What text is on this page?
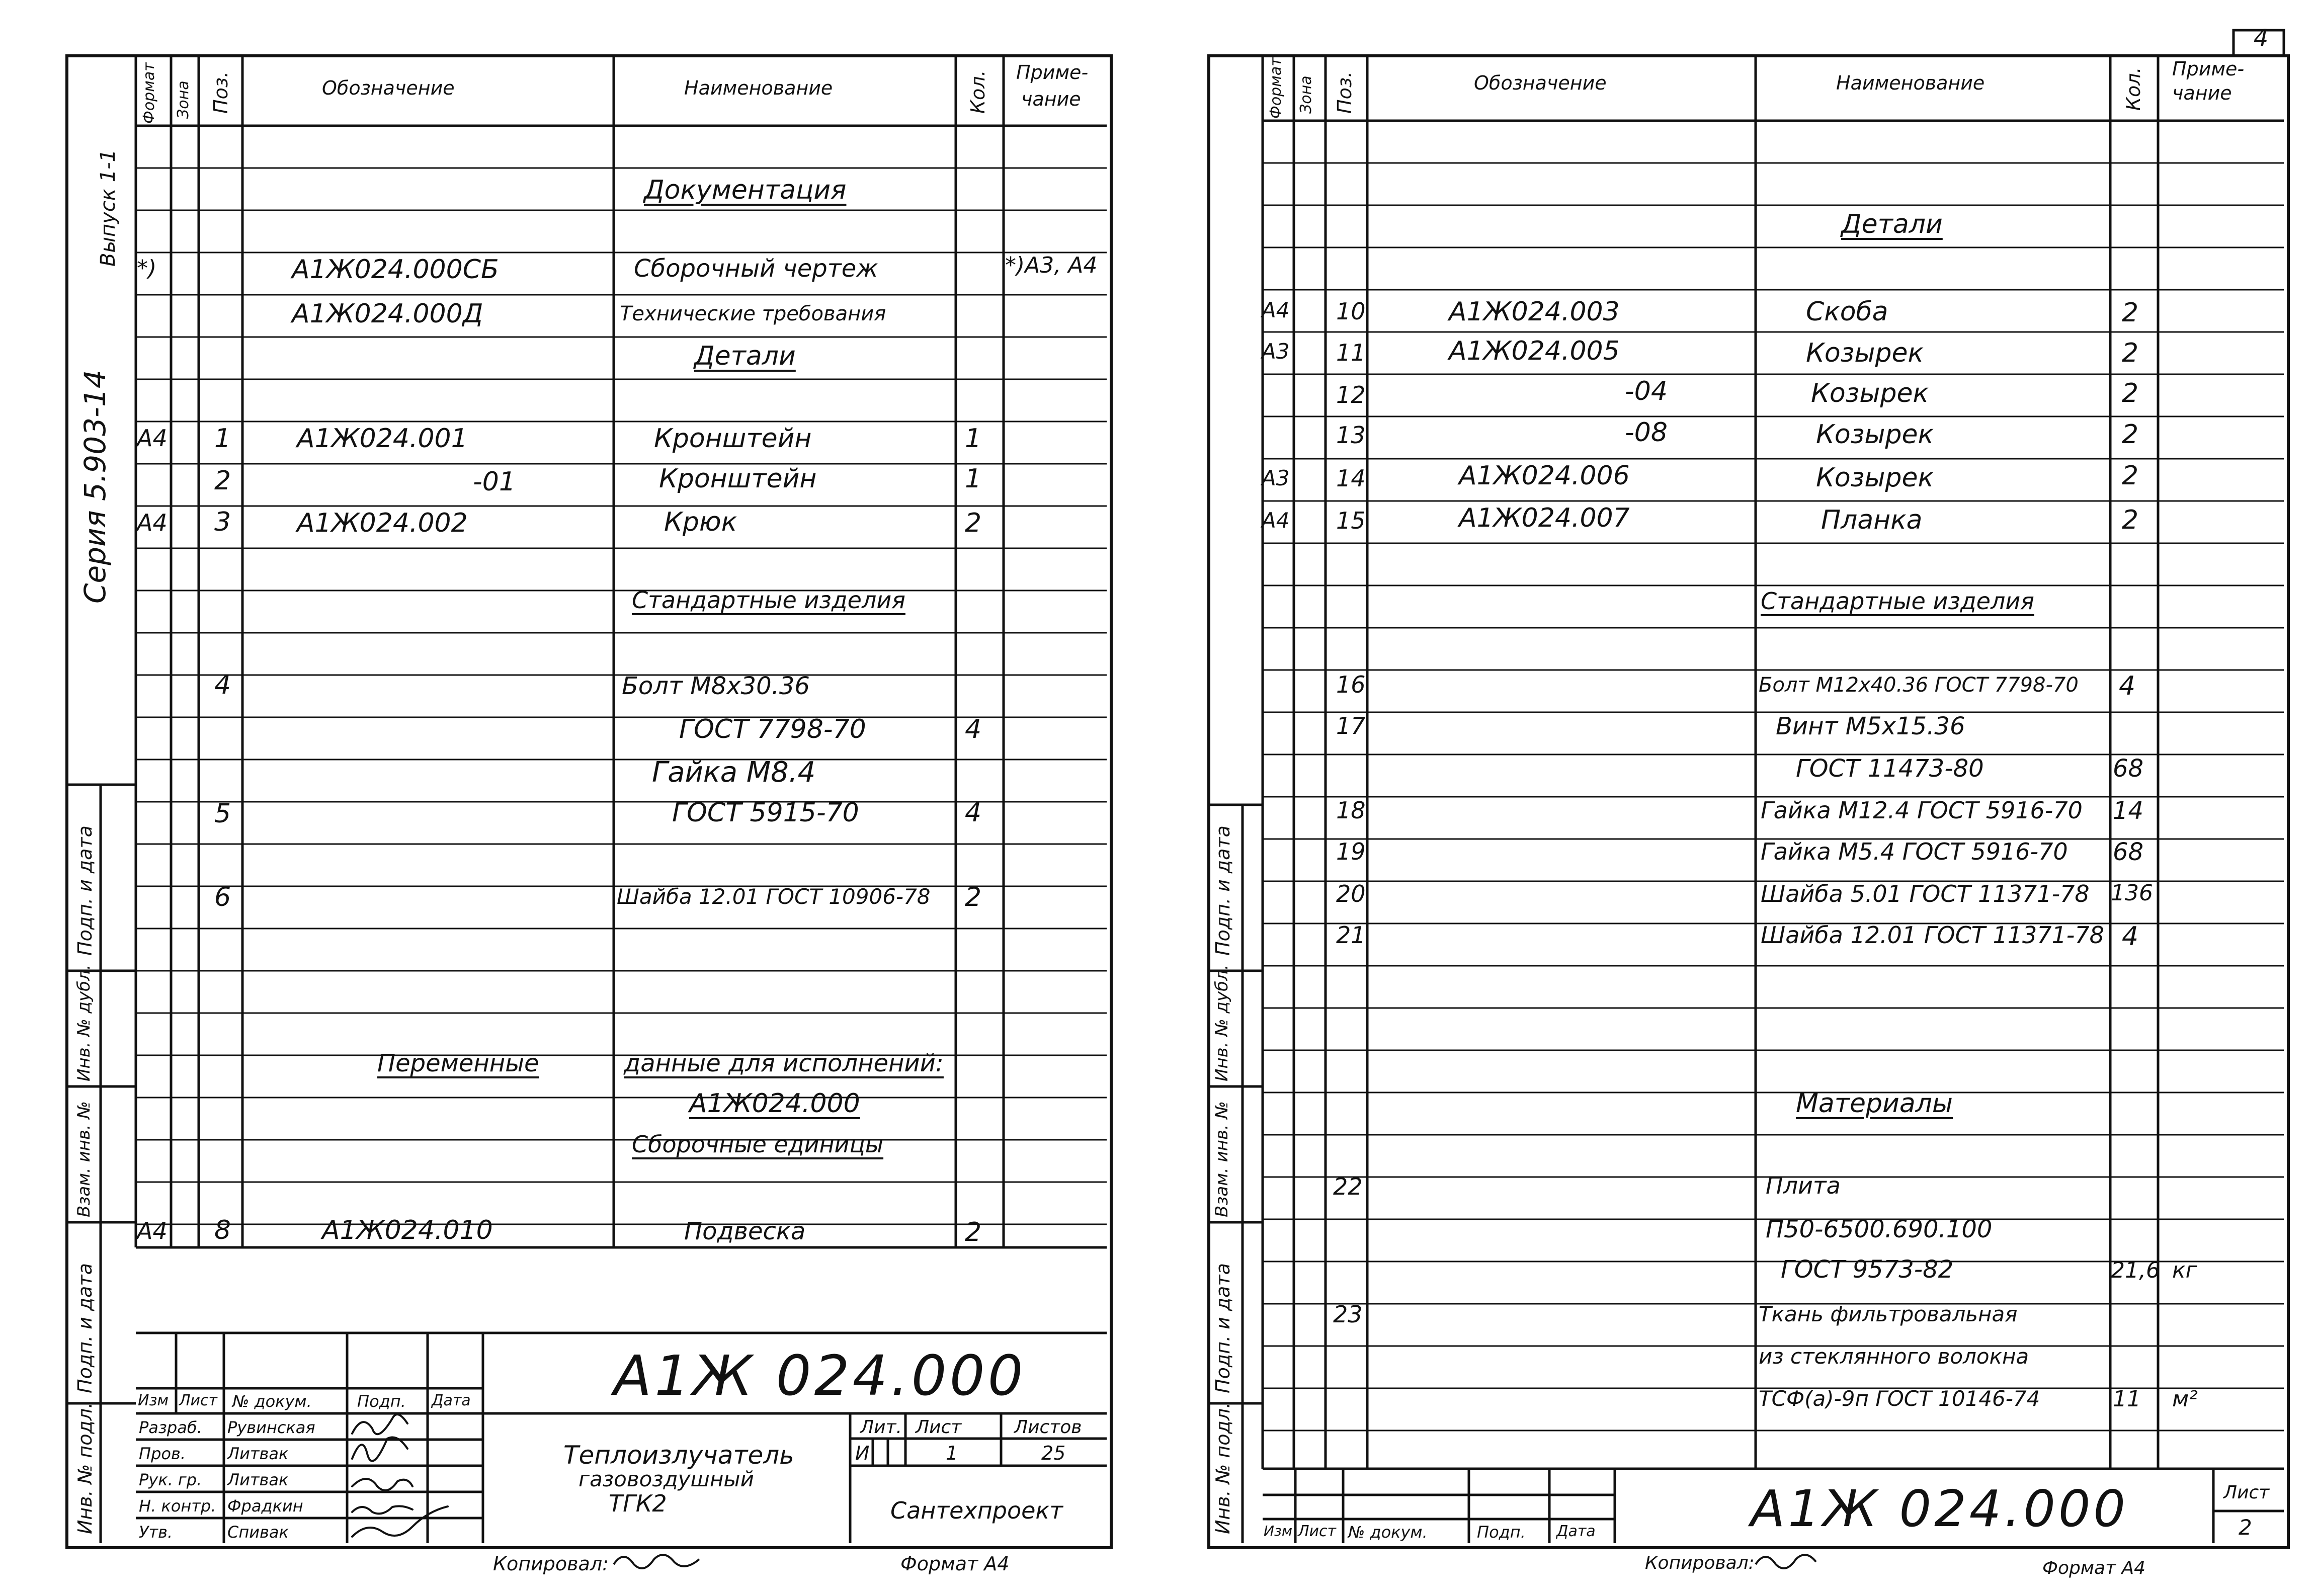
Формат Зона Поз.	Обозначение	Наименование	Кол. Приме-
чание
Серия 5.903-14
Выпуск 1-1
Подп. и дата
Инв. № дубл.
Взам. инв. №
Подп. и дата
Инв. № подл.
Документация
*)	А1Ж024.000СБ	Сборочный чертеж	*)А3, А4
А1Ж024.000Д	Технические требования
Детали
А4 1	А1Ж024.001	Кронштейн	1
2	-01	Кронштейн	1
А4 3	А1Ж024.002	Крюк	2
Стандартные изделия
4	Болт М8х30.36
ГОСТ 7798-70	4
Гайка М8.4
5	ГОСТ 5915-70	4
6	Шайба 12.01 ГОСТ 10906-78 2
Переменные	данные для исполнений:
А1Ж024.000
Сборочные единицы
А4 8	А1Ж024.010	Подвеска	2
А1Ж 024.000
Изм Лист № докум.	Подп. Дата
Разраб. Рувинская
Пров.	Литвак
Рук. гр. Литвак
Н. контр. Фрадкин
Утв.	Спивак
Теплоизлучатель
газовоздушный
ТГК2
Лит. Лист	Листов
И	1	25
Сантехпроект
Копировал:	Формат А4
4
Формат Зона Поз.	Обозначение	Наименование	Кол. Приме-
чание
Подп. и дата
Инв. № дубл.
Взам. инв. №
Подп. и дата
Инв. № подл.
Детали
А4 10	А1Ж024.003	Скоба	2
А3 11	А1Ж024.005	Козырек	2
12	-04	Козырек	2
13	-08	Козырек	2
А3 14	А1Ж024.006	Козырек	2
А4 15	А1Ж024.007	Планка	2
Стандартные изделия
16	Болт М12х40.36 ГОСТ 7798-70 4
17	Винт М5х15.36
ГОСТ 11473-80	68
18	Гайка М12.4 ГОСТ 5916-70 14
19	Гайка М5.4 ГОСТ 5916-70 68
20	Шайба 5.01 ГОСТ 11371-78 136
21	Шайба 12.01 ГОСТ 11371-78 4
Материалы
22	Плита
П50-6500.690.100
ГОСТ 9573-82	21,6 кг
23	Ткань фильтровальная
из стеклянного волокна
ТСФ(а)-9п ГОСТ 10146-74	11 м²
Изм Лист № докум.	Подп. Дата	А1Ж 024.000	Лист
2
Копировал:	Формат А4
